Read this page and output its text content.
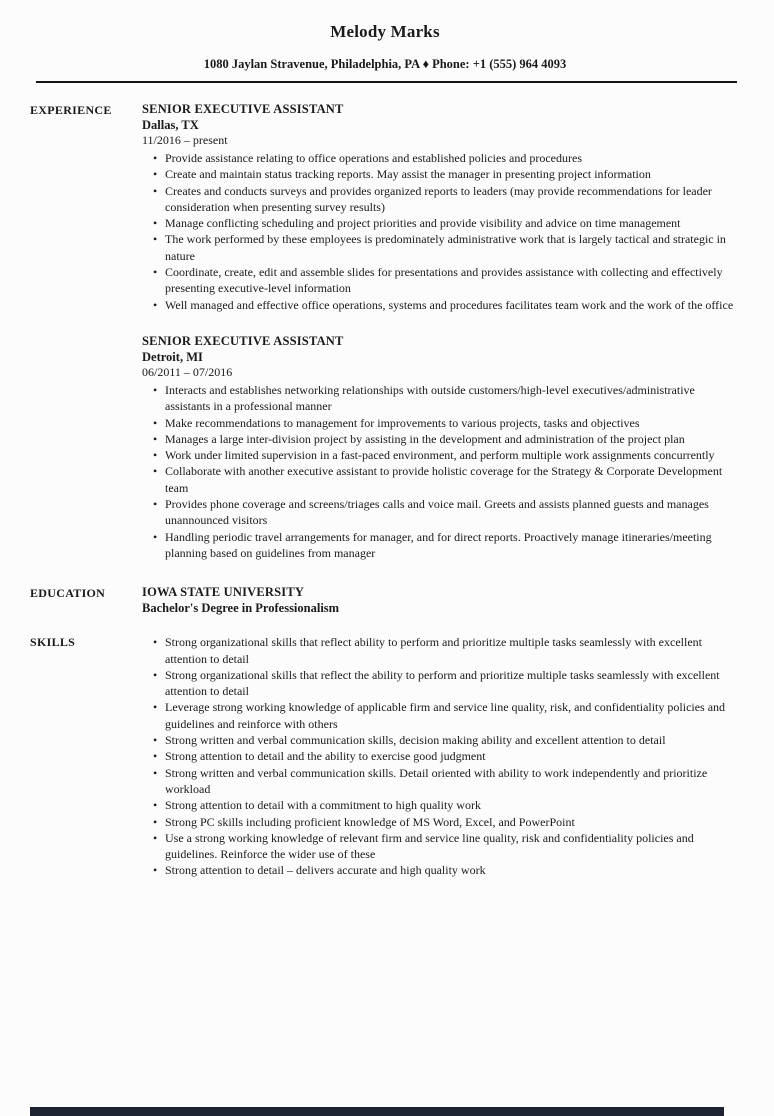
Melody Marks

1080 Jaylan Stravenue, Philadelphia, PA ♦ Phone: +1 (555) 964 4093

EXPERIENCE	SENIOR EXECUTIVE ASSISTANT
Dallas, TX
11/2016 – present
• Provide assistance relating to office operations and established policies and procedures
• Create and maintain status tracking reports. May assist the manager in presenting project information
• Creates and conducts surveys and provides organized reports to leaders (may provide recommendations for leader consideration when presenting survey results)
• Manage conflicting scheduling and project priorities and provide visibility and advice on time management
• The work performed by these employees is predominately administrative work that is largely tactical and strategic in nature
• Coordinate, create, edit and assemble slides for presentations and provides assistance with collecting and effectively presenting executive-level information
• Well managed and effective office operations, systems and procedures facilitates team work and the work of the office
SENIOR EXECUTIVE ASSISTANT
Detroit, MI
06/2011 – 07/2016
• Interacts and establishes networking relationships with outside customers/high-level executives/administrative assistants in a professional manner
• Make recommendations to management for improvements to various projects, tasks and objectives
• Manages a large inter-division project by assisting in the development and administration of the project plan
• Work under limited supervision in a fast-paced environment, and perform multiple work assignments concurrently
• Collaborate with another executive assistant to provide holistic coverage for the Strategy & Corporate Development team
• Provides phone coverage and screens/triages calls and voice mail. Greets and assists planned guests and manages unannounced visitors
• Handling periodic travel arrangements for manager, and for direct reports. Proactively manage itineraries/meeting planning based on guidelines from manager
EDUCATION	IOWA STATE UNIVERSITY
Bachelor's Degree in Professionalism
SKILLS	• Strong organizational skills that reflect ability to perform and prioritize multiple tasks seamlessly with excellent attention to detail
• Strong organizational skills that reflect the ability to perform and prioritize multiple tasks seamlessly with excellent attention to detail
• Leverage strong working knowledge of applicable firm and service line quality, risk, and confidentiality policies and guidelines and reinforce with others
• Strong written and verbal communication skills, decision making ability and excellent attention to detail
• Strong attention to detail and the ability to exercise good judgment
• Strong written and verbal communication skills. Detail oriented with ability to work independently and prioritize workload
• Strong attention to detail with a commitment to high quality work
• Strong PC skills including proficient knowledge of MS Word, Excel, and PowerPoint
• Use a strong working knowledge of relevant firm and service line quality, risk and confidentiality policies and guidelines. Reinforce the wider use of these
• Strong attention to detail – delivers accurate and high quality work
